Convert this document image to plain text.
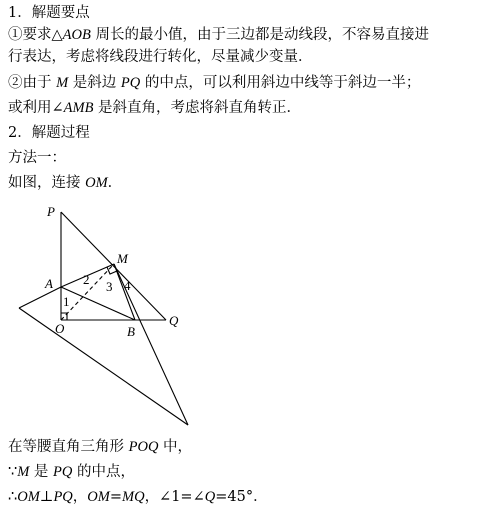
1．解题要点
①要求△AOB 周长的最小值，由于三边都是动线段，不容易直接进
行表达，考虑将线段进行转化，尽量减少变量．
②由于 M 是斜边 PQ 的中点，可以利用斜边中线等于斜边一半；
或利用∠AMB 是斜直角，考虑将斜直角转正．
2．解题过程
方法一：
如图，连接 OM．
P
M
A
O	B
Q
1
2 3 4
在等腰直角三角形 POQ 中，
∵M 是 PQ 的中点，
∴OM⊥PQ，OM=MQ，∠1=∠Q=45°．
